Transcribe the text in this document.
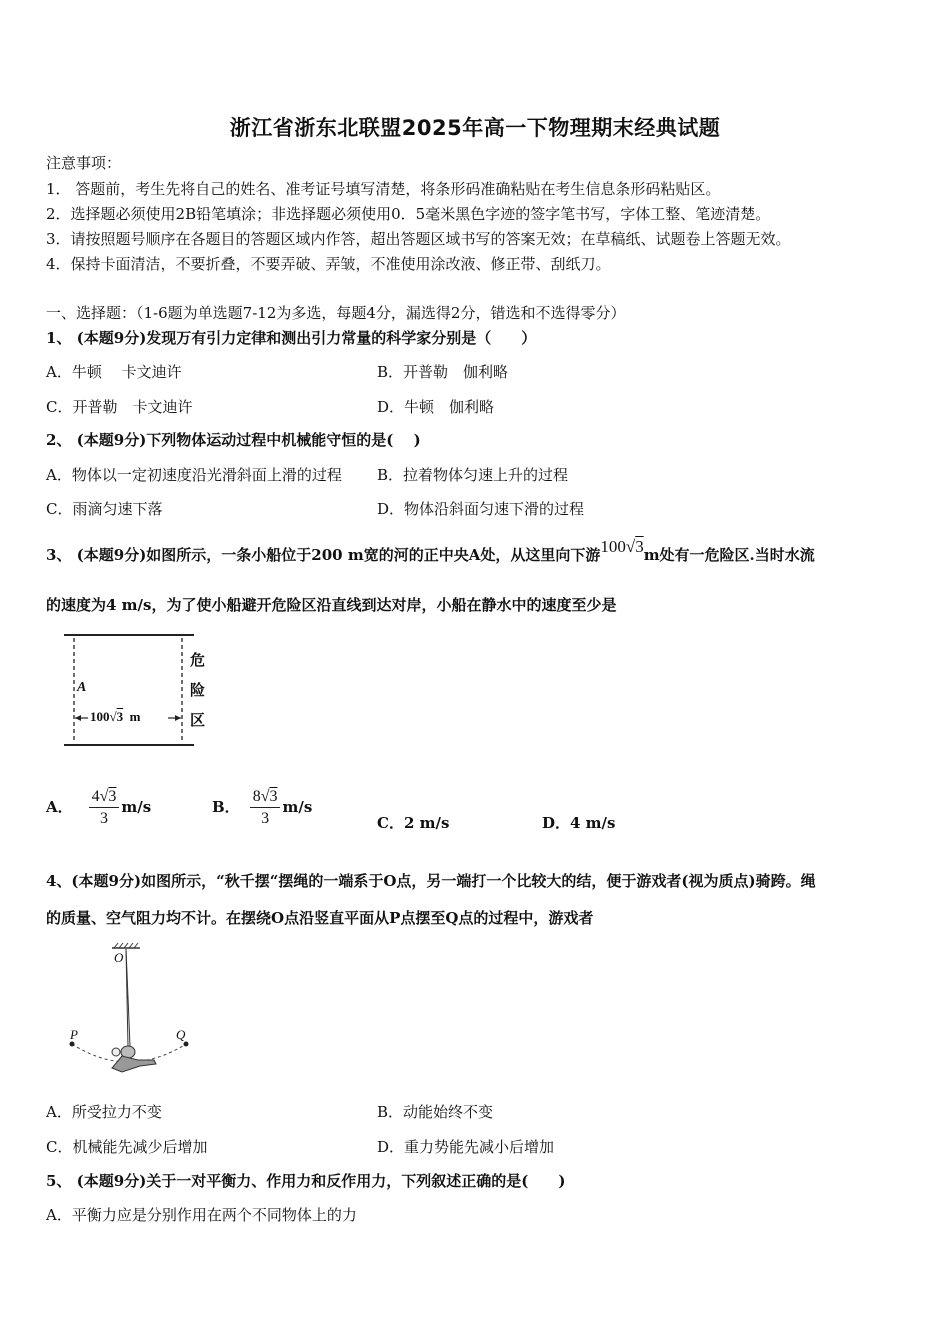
浙江省浙东北联盟2025年高一下物理期末经典试题
注意事项：
1． 答题前，考生先将自己的姓名、准考证号填写清楚，将条形码准确粘贴在考生信息条形码粘贴区。
2．选择题必须使用2B铅笔填涂；非选择题必须使用0．5毫米黑色字迹的签字笔书写，字体工整、笔迹清楚。
3．请按照题号顺序在各题目的答题区域内作答，超出答题区域书写的答案无效；在草稿纸、试题卷上答题无效。
4．保持卡面清洁，不要折叠，不要弄破、弄皱，不准使用涂改液、修正带、刮纸刀。
一、选择题：（1-6题为单选题7-12为多选，每题4分，漏选得2分，错选和不选得零分）
1、 (本题9分)发现万有引力定律和测出引力常量的科学家分别是（　　）
A．牛顿　 卡文迪许	B．开普勒　伽利略
C．开普勒　卡文迪许	D．牛顿　伽利略
2、 (本题9分)下列物体运动过程中机械能守恒的是(　 )
A．物体以一定初速度沿光滑斜面上滑的过程 B．拉着物体匀速上升的过程
C．雨滴匀速下落	D．物体沿斜面匀速下滑的过程
3、 (本题9分)如图所示，一条小船位于200 m宽的河的正中央A处，从这里向下游100√3m处有一危险区.当时水流
的速度为4 m/s，为了使小船避开危险区沿直线到达对岸，小船在静水中的速度至少是
A
100√3 m
危
险
区
A． $\frac{4√3}{3} m/s$	B． $\frac{8√3}{3} m/s$
C．2 m/s	D．4 m/s
4、(本题9分)如图所示，“秋千摆“摆绳的一端系于O点，另一端打一个比较大的结，便于游戏者(视为质点)骑跨。绳
的质量、空气阻力均不计。在摆绕O点沿竖直平面从P点摆至Q点的过程中，游戏者
O
P	Q
A．所受拉力不变	B．动能始终不变
C．机械能先减少后增加	D．重力势能先减小后增加
5、 (本题9分)关于一对平衡力、作用力和反作用力，下列叙述正确的是(　　)
A．平衡力应是分别作用在两个不同物体上的力
